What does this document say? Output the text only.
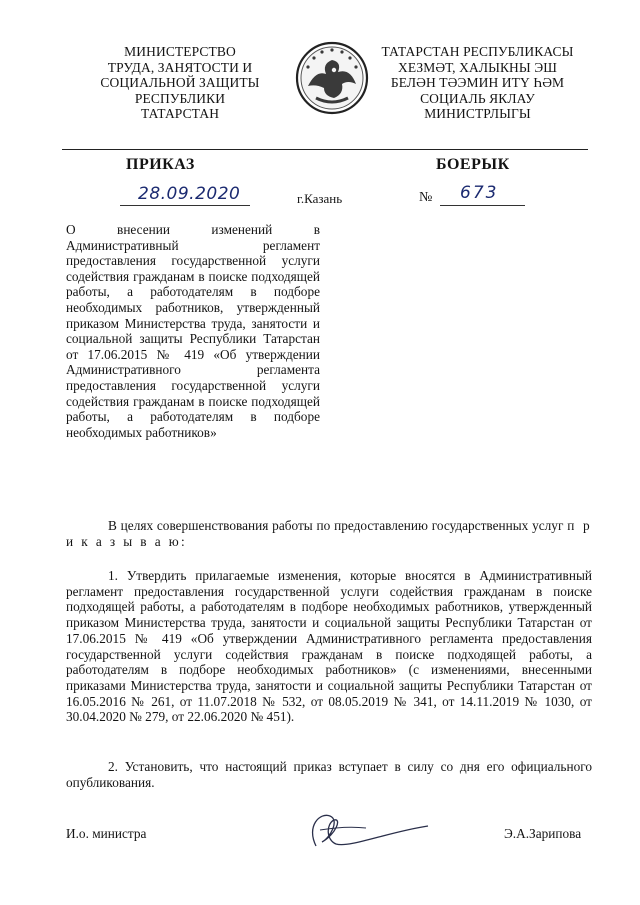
МИНИСТЕРСТВО
ТРУДА, ЗАНЯТОСТИ И
СОЦИАЛЬНОЙ ЗАЩИТЫ
РЕСПУБЛИКИ
ТАТАРСТАН
ТАТАРСТАН РЕСПУБЛИКАСЫ
ХЕЗМӘТ, ХАЛЫКНЫ ЭШ
БЕЛӘН ТӘЭМИН ИТҮ ҺӘМ
СОЦИАЛЬ ЯКЛАУ
МИНИСТРЛЫГЫ
ПРИКАЗ	БОЕРЫК
28.09.2020	г.Казань	№ 673
О внесении изменений в Административный регламент предоставления государственной услуги содействия гражданам в поиске подходящей работы, а работодателям в подборе необходимых работников, утвержденный приказом Министерства труда, занятости и социальной защиты Республики Татарстан от 17.06.2015 № 419 «Об утверждении Административного регламента предоставления государственной услуги содействия гражданам в поиске подходящей работы, а работодателям в подборе необходимых работников»
В целях совершенствования работы по предоставлению государственных услуг п р и к а з ы в а ю:
1. Утвердить прилагаемые изменения, которые вносятся в Административный регламент предоставления государственной услуги содействия гражданам в поиске подходящей работы, а работодателям в подборе необходимых работников, утвержденный приказом Министерства труда, занятости и социальной защиты Республики Татарстан от 17.06.2015 № 419 «Об утверждении Административного регламента предоставления государственной услуги содействия гражданам в поиске подходящей работы, а работодателям в подборе необходимых работников» (с изменениями, внесенными приказами Министерства труда, занятости и социальной защиты Республики Татарстан от 16.05.2016 № 261, от 11.07.2018 № 532, от 08.05.2019 № 341, от 14.11.2019 № 1030, от 30.04.2020 № 279, от 22.06.2020 № 451).
2. Установить, что настоящий приказ вступает в силу со дня его официального опубликования.
И.о. министра	Э.А.Зарипова
